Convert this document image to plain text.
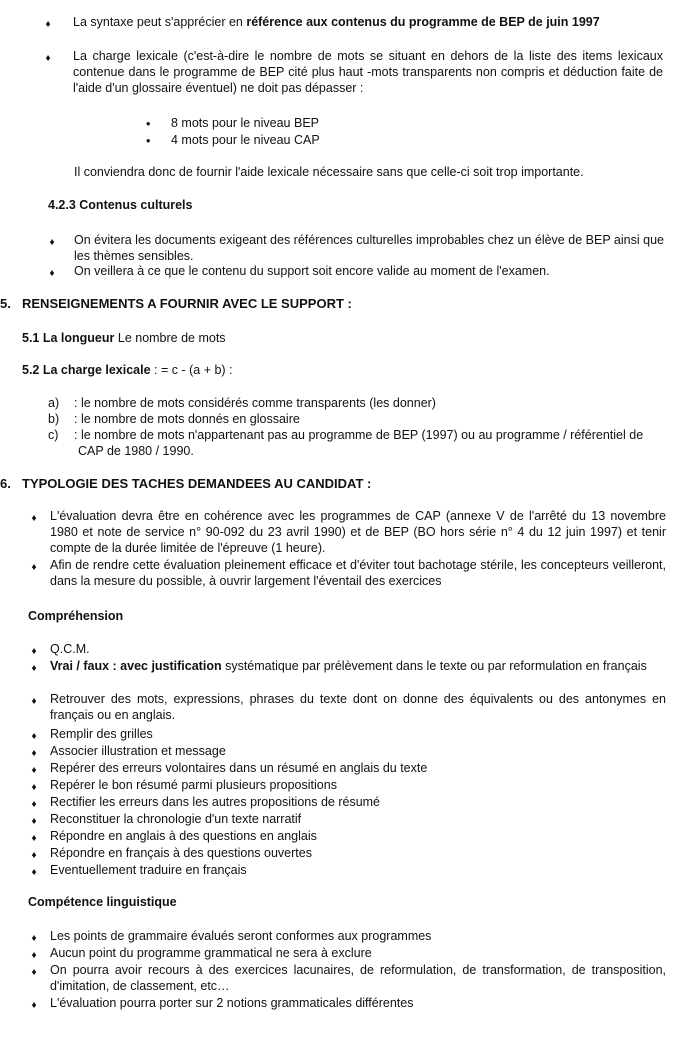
♦ La syntaxe peut s'apprécier en référence aux contenus du programme de BEP de juin 1997
♦ La charge lexicale (c'est-à-dire le nombre de mots se situant en dehors de la liste des items lexicaux contenue dans le programme de BEP cité plus haut -mots transparents non compris et déduction faite de l'aide d'un glossaire éventuel) ne doit pas dépasser :
• 8 mots pour le niveau BEP
• 4 mots pour le niveau CAP
Il conviendra donc de fournir l'aide lexicale nécessaire sans que celle-ci soit trop importante.
4.2.3 Contenus culturels
♦ On évitera les documents exigeant des références culturelles improbables chez un élève de BEP ainsi que les thèmes sensibles.
♦ On veillera à ce que le contenu du support soit encore valide au moment de l'examen.
5. RENSEIGNEMENTS A FOURNIR AVEC LE SUPPORT :
5.1 La longueur Le nombre de mots
5.2 La charge lexicale : = c - (a + b) :
a) : le nombre de mots considérés comme transparents (les donner)
b) : le nombre de mots donnés en glossaire
c) : le nombre de mots n'appartenant pas au programme de BEP (1997) ou au programme / référentiel de CAP de 1980 / 1990.
6. TYPOLOGIE DES TACHES DEMANDEES AU CANDIDAT :
♦ L'évaluation devra être en cohérence avec les programmes de CAP (annexe V de l'arrêté du 13 novembre 1980 et note de service n° 90-092 du 23 avril 1990) et de BEP (BO hors série n° 4 du 12 juin 1997) et tenir compte de la durée limitée de l'épreuve (1 heure).
♦ Afin de rendre cette évaluation pleinement efficace et d'éviter tout bachotage stérile, les concepteurs veilleront, dans la mesure du possible, à ouvrir largement l'éventail des exercices
Compréhension
♦ Q.C.M.
♦ Vrai / faux : avec justification systématique par prélèvement dans le texte ou par reformulation en français
♦ Retrouver des mots, expressions, phrases du texte dont on donne des équivalents ou des antonymes en français ou en anglais.
♦ Remplir des grilles
♦ Associer illustration et message
♦ Repérer des erreurs volontaires dans un résumé en anglais du texte
♦ Repérer le bon résumé parmi plusieurs propositions
♦ Rectifier les erreurs dans les autres propositions de résumé
♦ Reconstituer la chronologie d'un texte narratif
♦ Répondre en anglais à des questions en anglais
♦ Répondre en français à des questions ouvertes
♦ Eventuellement traduire en français
Compétence linguistique
♦ Les points de grammaire évalués seront conformes aux programmes
♦ Aucun point du programme grammatical ne sera à exclure
♦ On pourra avoir recours à des exercices lacunaires, de reformulation, de transformation, de transposition, d'imitation, de classement, etc…
♦ L'évaluation pourra porter sur 2 notions grammaticales différentes
